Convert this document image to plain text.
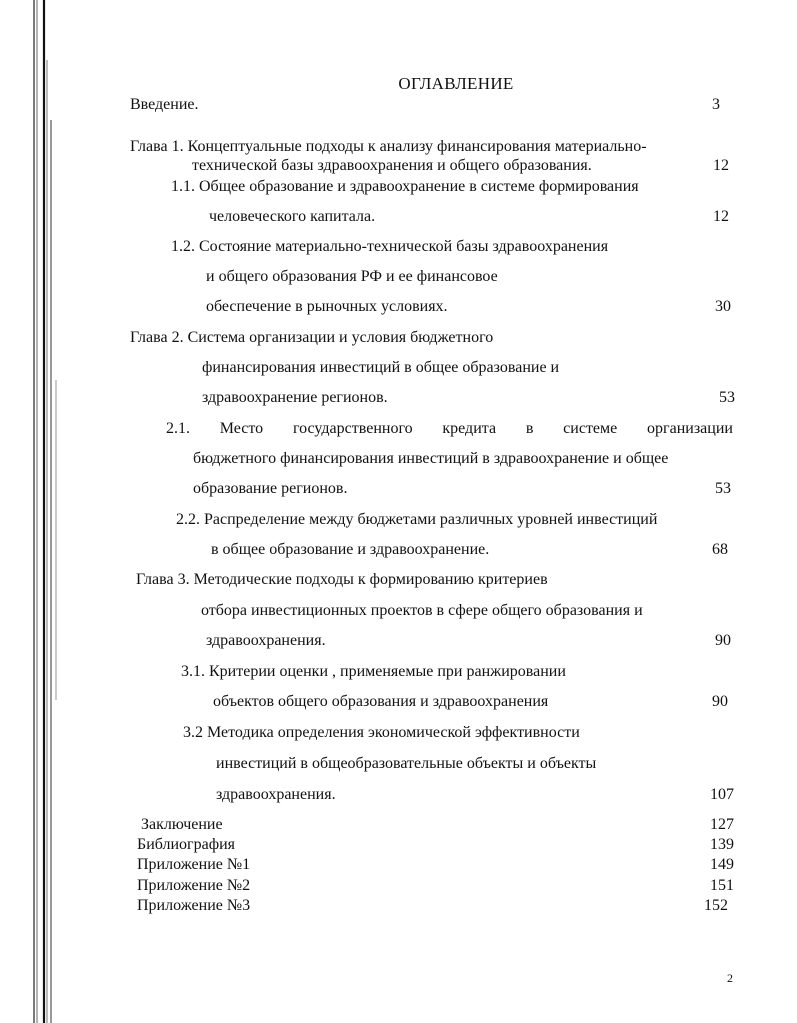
ОГЛАВЛЕНИЕ
Введение.	3
Глава 1. Концептуальные подходы к анализу финансирования материально-
технической базы здравоохранения и общего образования.	12
1.1. Общее образование и здравоохранение в системе формирования
человеческого капитала.	12
1.2. Состояние материально-технической базы здравоохранения
и общего образования РФ и ее финансовое
обеспечение в рыночных условиях.	30
Глава 2. Система организации и условия бюджетного
финансирования инвестиций в общее образование и
здравоохранение регионов.	53
2.1. Место государственного кредита в системе организации
бюджетного финансирования инвестиций в здравоохранение и общее
образование регионов.	53
2.2. Распределение между бюджетами различных уровней инвестиций
в общее образование и здравоохранение.	68
Глава 3. Методические подходы к формированию критериев
отбора инвестиционных проектов в сфере общего образования и
здравоохранения.	90
3.1. Критерии оценки , применяемые при ранжировании
объектов общего образования и здравоохранения	90
3.2 Методика определения экономической эффективности
инвестиций в общеобразовательные объекты и объекты
здравоохранения.	107
Заключение	127
Библиография	139
Приложение №1	149
Приложение №2	151
Приложение №3	152
2
